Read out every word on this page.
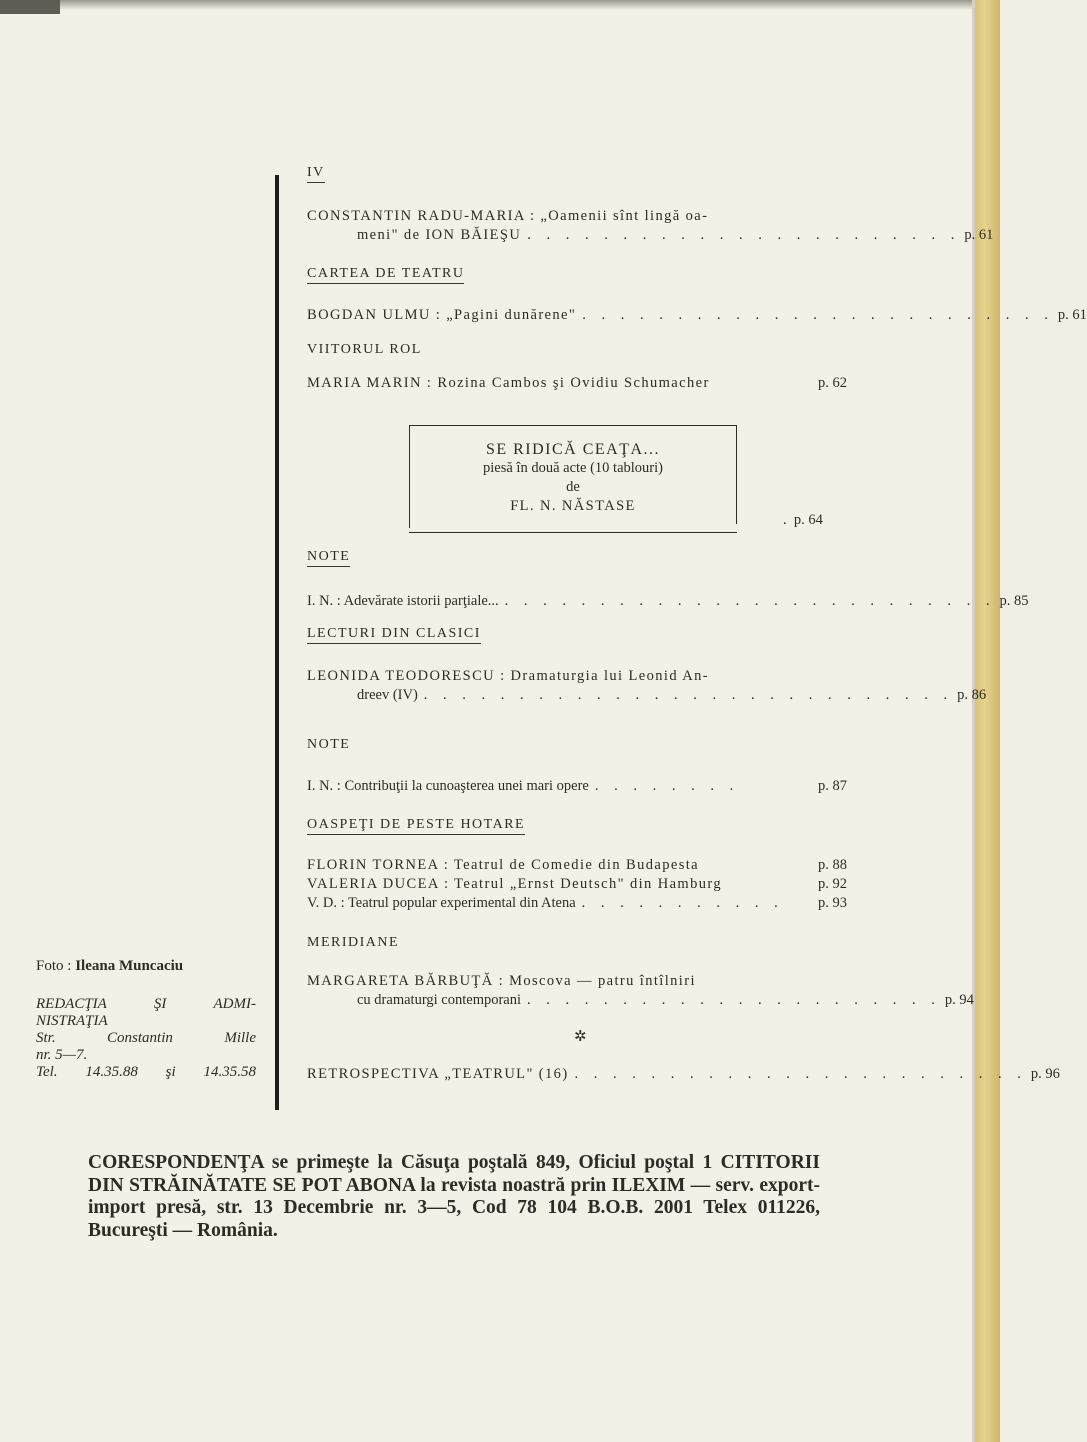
Foto : Ileana Muncaciu
REDACŢIA	ŞI	ADMI-
NISTRAŢIA
Str.	Constantin	Mille
nr. 5—7.
Tel. 14.35.88 şi 14.35.58
IV
CONSTANTIN RADU-MARIA : „Oamenii sînt lingă oa-
meni" de ION BĂIEŞU . . . . . . . . . . . . . . . . . . . . . . . p. 61
CARTEA DE TEATRU
BOGDAN ULMU : „Pagini dunărene" . . . . . . . . . . . . . . . . . . . . . . . . . p. 61
VIITORUL ROL
MARIA MARIN : Rozina Cambos şi Ovidiu Schumacher	p. 62
SE RIDICĂ CEAŢA...
piesă în două acte (10 tablouri)
de
FL. N. NĂSTASE
.  p. 64
NOTE
I. N. : Adevărate istorii parţiale... . . . . . . . . . . . . . . . . . . . . . . . . . . p. 85
LECTURI DIN CLASICI
LEONIDA TEODORESCU : Dramaturgia lui Leonid An-
dreev (IV) . . . . . . . . . . . . . . . . . . . . . . . . . . . . p. 86
NOTE
I. N. : Contribuţii la cunoaşterea unei mari opere . . . . . . . .	p. 87
OASPEŢI DE PESTE HOTARE
FLORIN TORNEA : Teatrul de Comedie din Budapesta	p. 88
VALERIA DUCEA : Teatrul „Ernst Deutsch" din Hamburg	p. 92
V. D. : Teatrul popular experimental din Atena . . . . . . . . . . .	p. 93
MERIDIANE
MARGARETA BĂRBUŢĂ : Moscova — patru întîlniri
cu dramaturgi contemporani . . . . . . . . . . . . . . . . . . . . . . p. 94
✲
RETROSPECTIVA „TEATRUL" (16) . . . . . . . . . . . . . . . . . . . . . . . . p. 96
CORESPONDENŢA se primeşte la Căsuţa poştală 849, Oficiul poştal 1 CITITORII DIN STRĂINĂTATE SE POT ABONA la revista noastră prin ILEXIM — serv. export-import presă, str. 13 Decembrie nr. 3—5, Cod 78 104 B.O.B. 2001 Telex 011226, Bucureşti — România.
